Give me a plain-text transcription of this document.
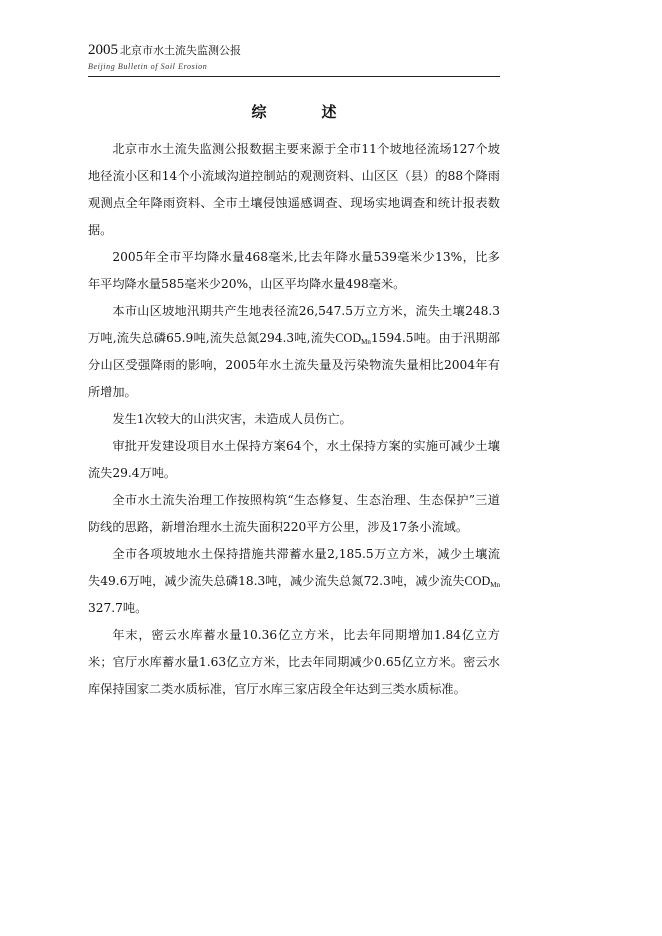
2005 北京市水土流失监测公报
Beijing Bulletin of Soil Erosion
综　述

北京市水土流失监测公报数据主要来源于全市11个坡地径流场127个坡地径流小区和14个小流域沟道控制站的观测资料、山区区（县）的88个降雨观测点全年降雨资料、全市土壤侵蚀遥感调查、现场实地调查和统计报表数据。

2005年全市平均降水量468毫米,比去年降水量539毫米少13%，比多年平均降水量585毫米少20%，山区平均降水量498毫米。

本市山区坡地汛期共产生地表径流26,547.5万立方米，流失土壤248.3万吨,流失总磷65.9吨,流失总氮294.3吨,流失$COD_{Mn}1594.5$吨。由于汛期部分山区受强降雨的影响，2005年水土流失量及污染物流失量相比2004年有所增加。

发生1次较大的山洪灾害，未造成人员伤亡。

审批开发建设项目水土保持方案64个，水土保持方案的实施可减少土壤流失29.4万吨。

全市水土流失治理工作按照构筑“生态修复、生态治理、生态保护”三道防线的思路，新增治理水土流失面积220平方公里，涉及17条小流域。

全市各项坡地水土保持措施共滞蓄水量2,185.5万立方米，减少土壤流失49.6万吨，减少流失总磷18.3吨，减少流失总氮72.3吨，减少流失$COD_{Mn}327.7$吨。

年末，密云水库蓄水量10.36亿立方米，比去年同期增加1.84亿立方米；官厅水库蓄水量1.63亿立方米，比去年同期减少0.65亿立方米。密云水库保持国家二类水质标准，官厅水库三家店段全年达到三类水质标准。
